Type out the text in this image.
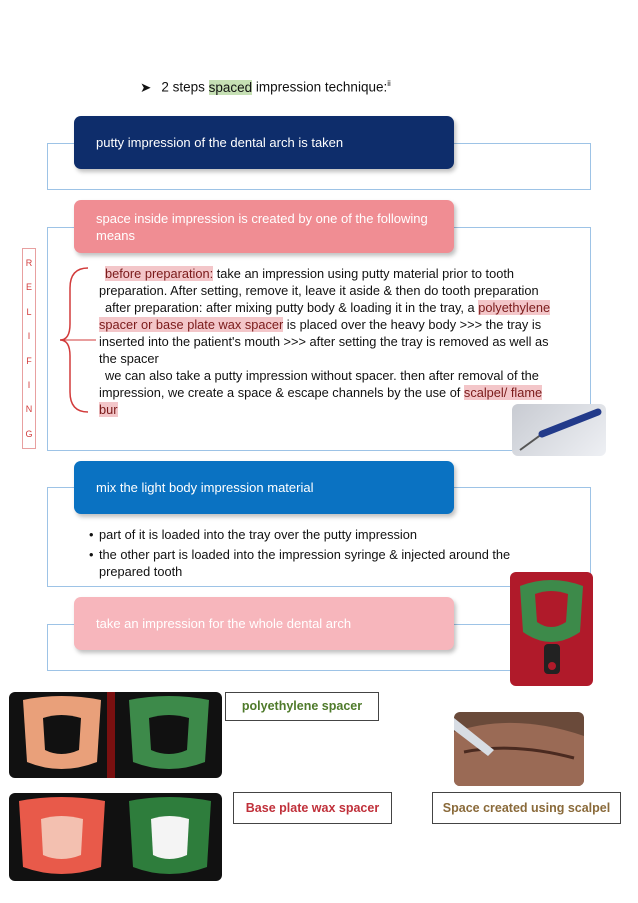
➤ 2 steps spaced impression technique:$^{ii}$
putty impression of the dental arch is taken
space inside impression is created by one of the following means
R
E
L
I
F
I
N
G
before preparation: take an impression using putty material prior to tooth preparation. After setting, remove it, leave it aside & then do tooth preparation
after preparation: after mixing putty body & loading it in the tray, a polyethylene spacer or base plate wax spacer is placed over the heavy body >>> the tray is inserted into the patient's mouth >>> after setting the tray is removed as well as the spacer
we can also take a putty impression without spacer. then after removal of the impression, we create a space & escape channels by the use of scalpel/ flame bur
mix the light body impression material
• part of it is loaded into the tray over the putty impression
• the other part is loaded into the impression syringe & injected around the prepared tooth
take an impression for the whole dental arch
polyethylene spacer
Base plate wax spacer	Space created using scalpel
